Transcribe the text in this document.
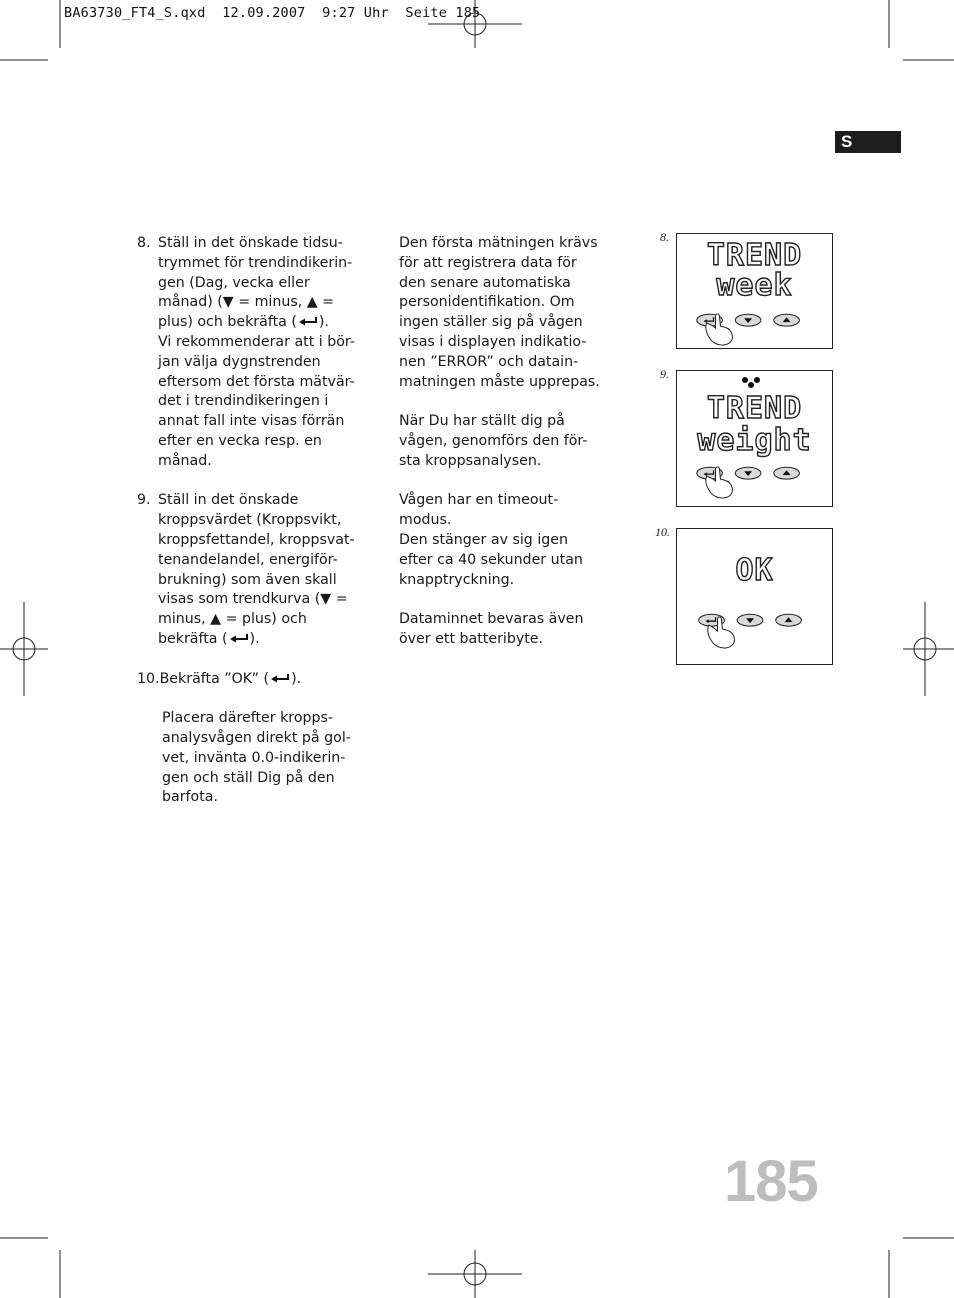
BA63730_FT4_S.qxd  12.09.2007  9:27 Uhr  Seite 185
S
8. Ställ in det önskade tidsu-
trymmet för trendindikerin-
gen (Dag, vecka eller
månad) (▼ = minus, ▲ =
plus) och bekräfta ( ).
Vi rekommenderar att i bör-
jan välja dygnstrenden
eftersom det första mätvär-
det i trendindikeringen i
annat fall inte visas förrän
efter en vecka resp. en
månad.
9. Ställ in det önskade
kroppsvärdet (Kroppsvikt,
kroppsfettandel, kroppsvat-
tenandelandel, energiför-
brukning) som även skall
visas som trendkurva (▼ =
minus, ▲ = plus) och
bekräfta ( ).
10.Bekräfta ”OK” ( ).
Placera därefter kropps-
analysvågen direkt på gol-
vet, invänta 0.0-indikerin-
gen och ställ Dig på den
barfota.

Den första mätningen krävs
för att registrera data för
den senare automatiska
personidentifikation. Om
ingen ställer sig på vågen
visas i displayen indikatio-
nen ”ERROR” och datain-
matningen måste upprepas.

När Du har ställt dig på
vågen, genomförs den för-
sta kroppsanalysen.

Vågen har en timeout-
modus.
Den stänger av sig igen
efter ca 40 sekunder utan
knapptryckning.

Dataminnet bevaras även
över ett batteribyte.

8.
TREND
week
9.
TREND
weight
10.
OK
185
